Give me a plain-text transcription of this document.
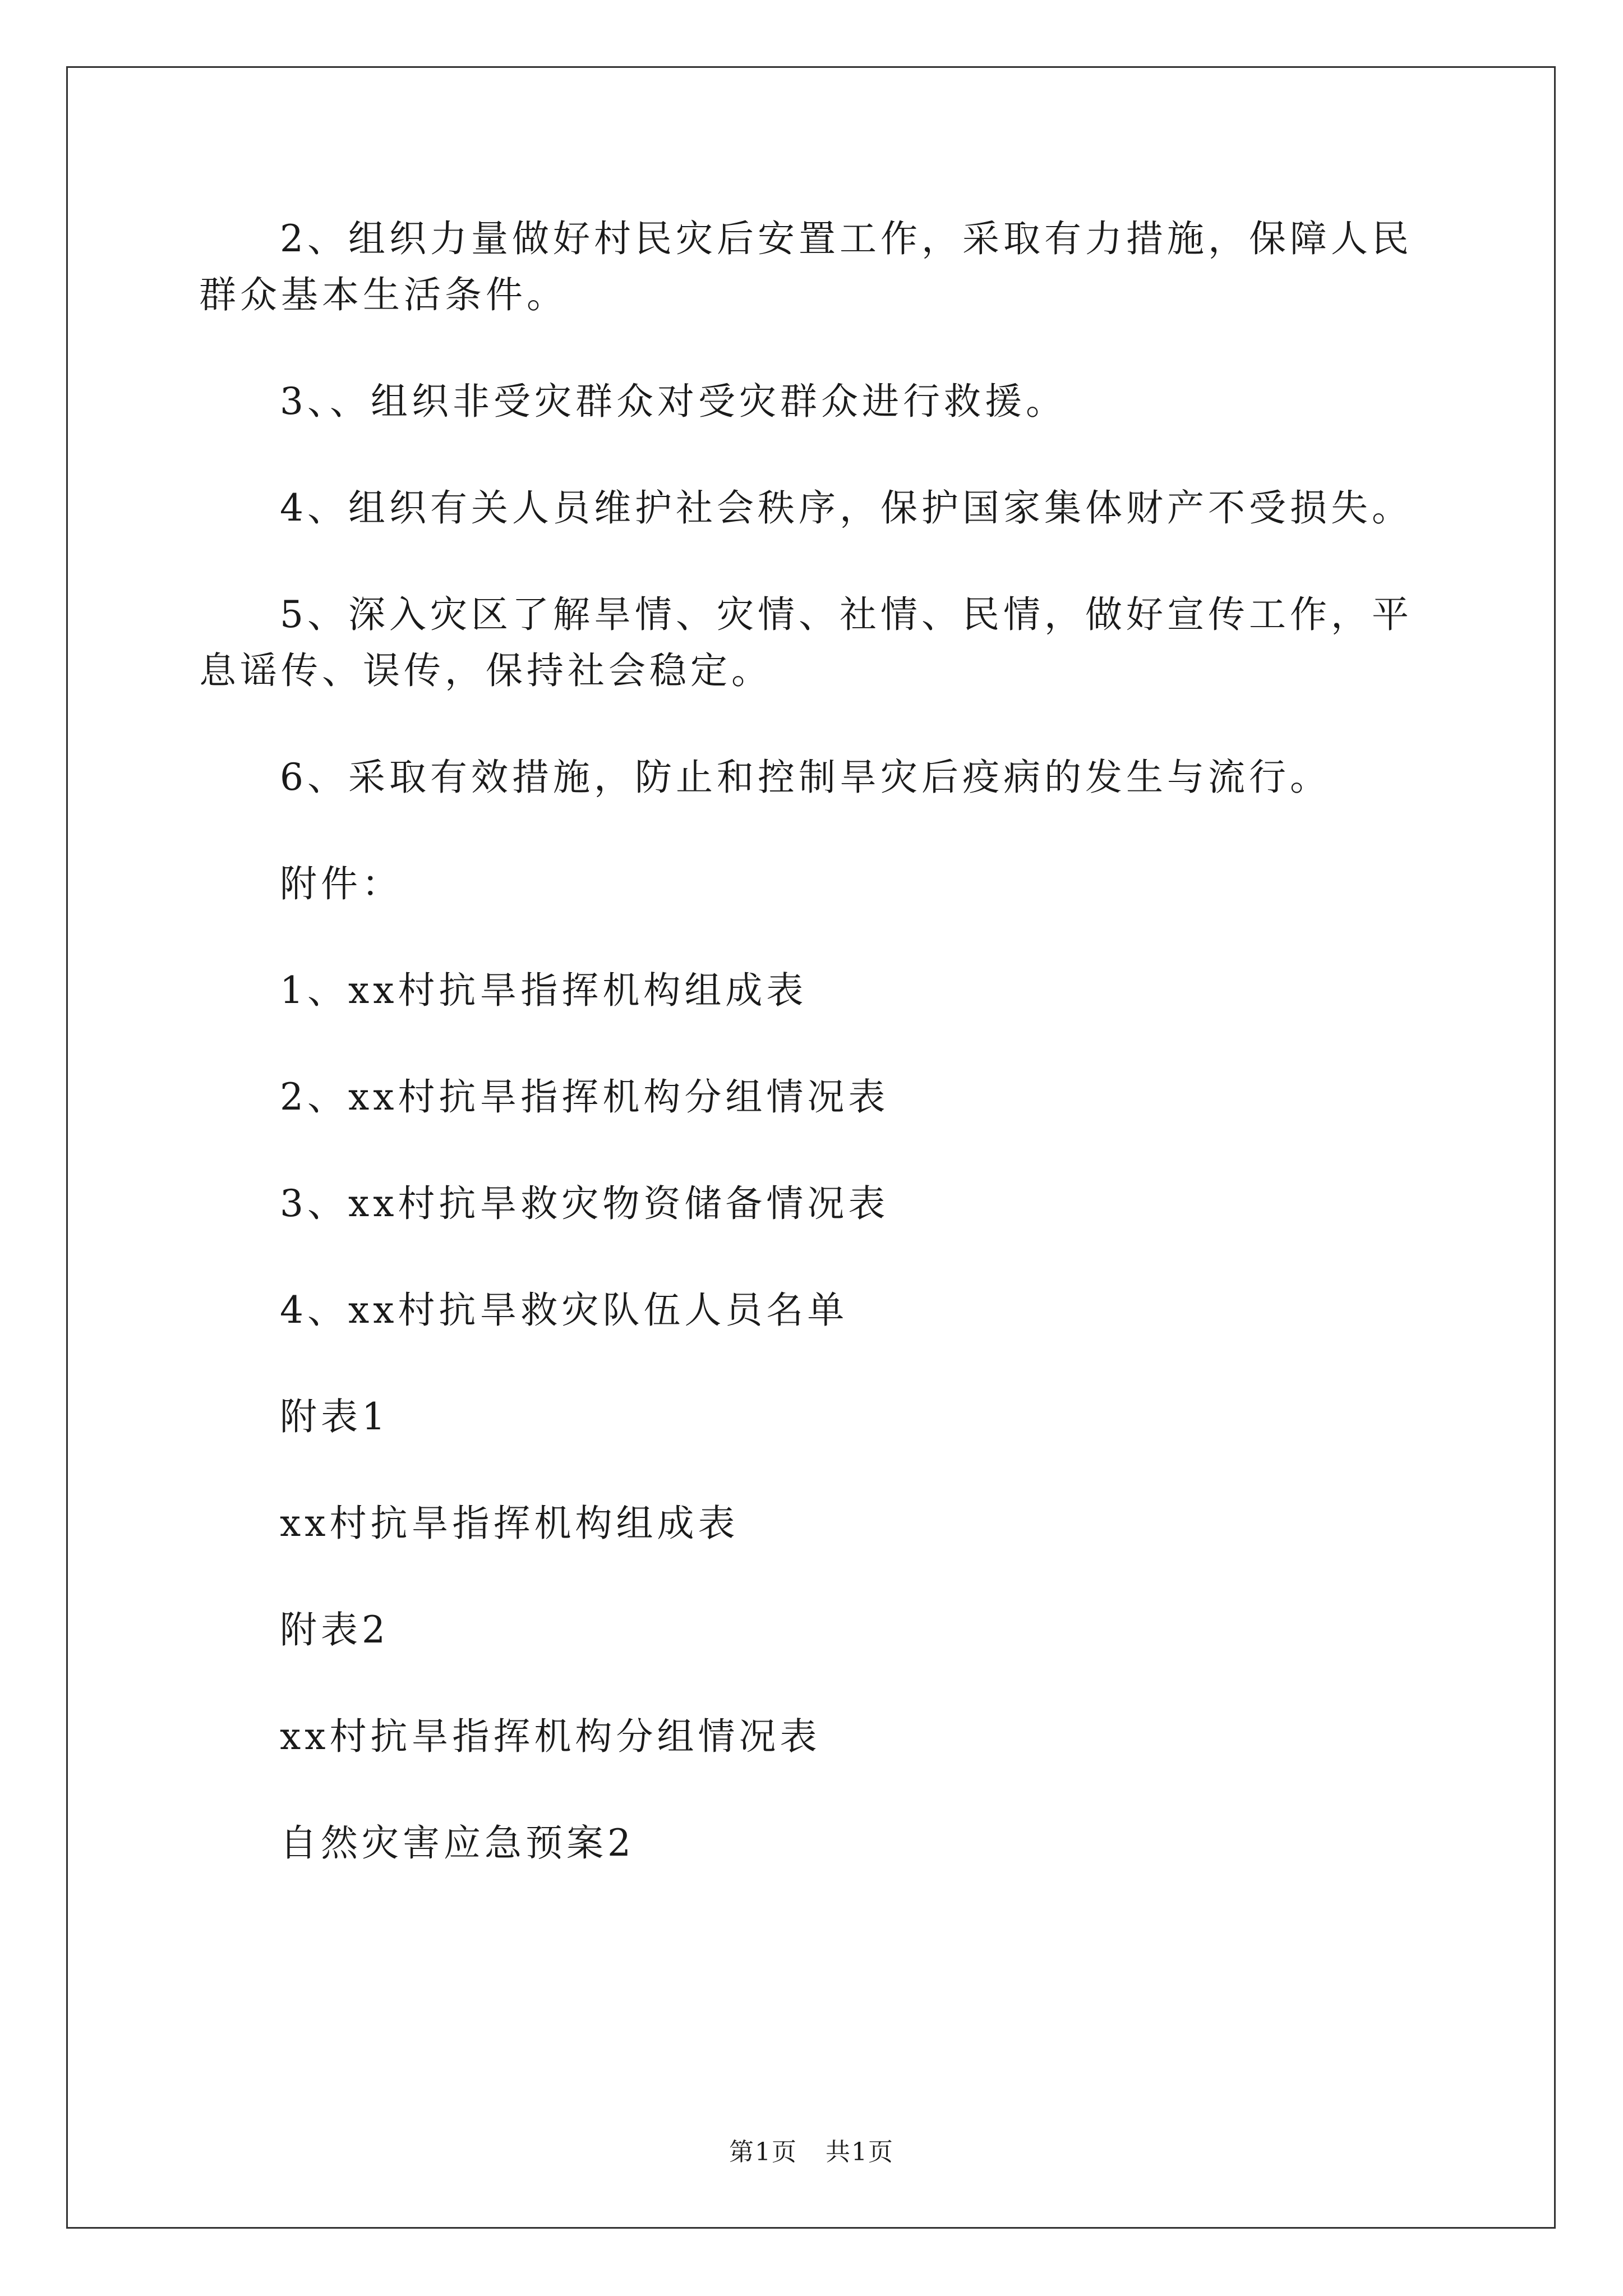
2、组织力量做好村民灾后安置工作，采取有力措施，保障人民群众基本生活条件。

3、、组织非受灾群众对受灾群众进行救援。

4、组织有关人员维护社会秩序，保护国家集体财产不受损失。

5、深入灾区了解旱情、灾情、社情、民情，做好宣传工作，平息谣传、误传，保持社会稳定。

6、采取有效措施，防止和控制旱灾后疫病的发生与流行。

附件：

1、xx村抗旱指挥机构组成表

2、xx村抗旱指挥机构分组情况表

3、xx村抗旱救灾物资储备情况表

4、xx村抗旱救灾队伍人员名单

附表1

xx村抗旱指挥机构组成表

附表2

xx村抗旱指挥机构分组情况表

自然灾害应急预案2

第1页 共1页
